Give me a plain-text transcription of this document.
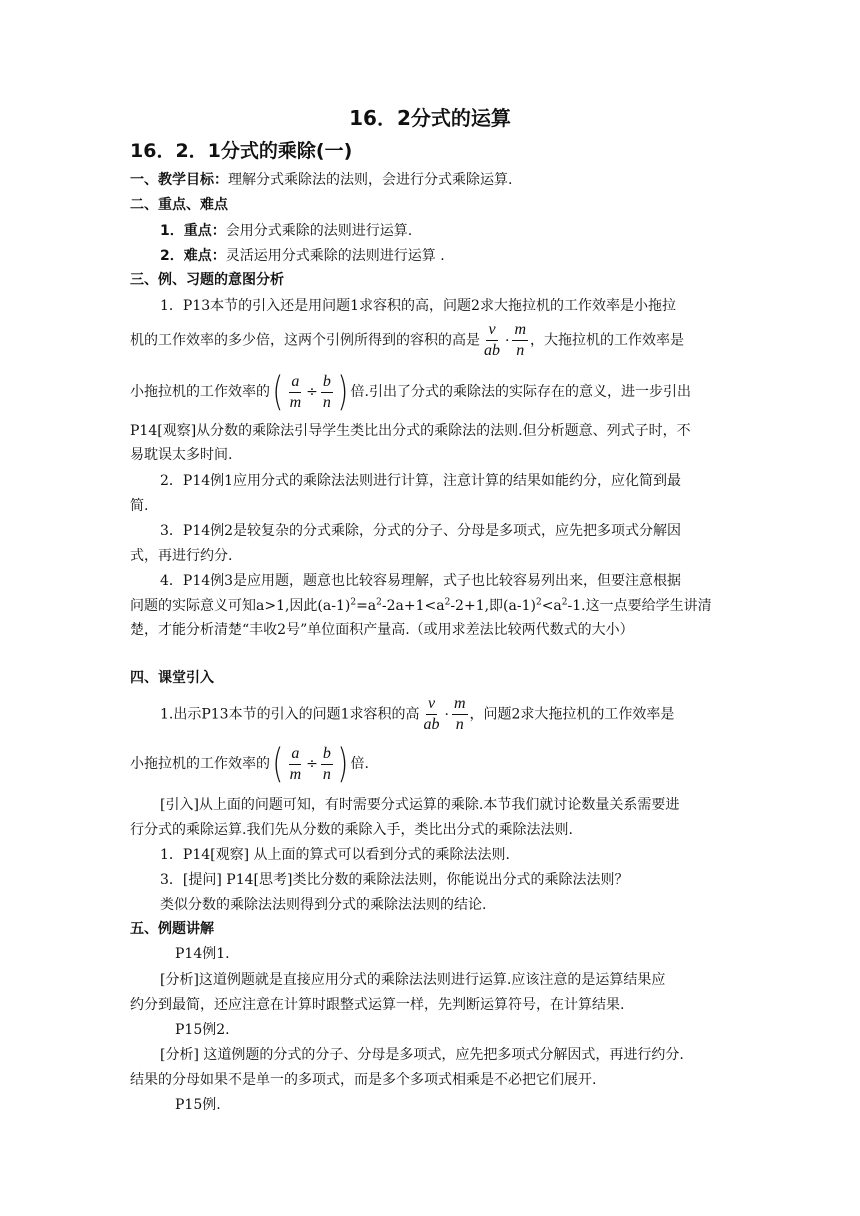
16．2分式的运算
16．2．1分式的乘除(一)
一、教学目标：理解分式乘除法的法则，会进行分式乘除运算.
二、重点、难点
1．重点：会用分式乘除的法则进行运算.
2．难点：灵活运用分式乘除的法则进行运算 .
三、例、习题的意图分析
1．P13本节的引入还是用问题1求容积的高，问题2求大拖拉机的工作效率是小拖拉
机的工作效率的多少倍，这两个引例所得到的容积的高是 $\frac{v}{ab} \cdot \frac{m}{n}$ ，大拖拉机的工作效率是
小拖拉机的工作效率的 ( $\frac{a}{m} \div \frac{b}{n}$ ) 倍.引出了分式的乘除法的实际存在的意义，进一步引出
P14[观察]从分数的乘除法引导学生类比出分式的乘除法的法则.但分析题意、列式子时，不
易耽误太多时间.
2．P14例1应用分式的乘除法法则进行计算，注意计算的结果如能约分，应化简到最
简.
3．P14例2是较复杂的分式乘除，分式的分子、分母是多项式，应先把多项式分解因
式，再进行约分.
4．P14例3是应用题，题意也比较容易理解，式子也比较容易列出来，但要注意根据
问题的实际意义可知a>1,因此$(a-1)^2=a^2-2a+1<a^2-2+1$,即$(a-1)^2<a^2-1$.这一点要给学生讲清
楚，才能分析清楚“丰收2号”单位面积产量高.（或用求差法比较两代数式的大小）
四、课堂引入
1.出示P13本节的引入的问题1求容积的高 $\frac{v}{ab} \cdot \frac{m}{n}$ ，问题2求大拖拉机的工作效率是
小拖拉机的工作效率的 ( $\frac{a}{m} \div \frac{b}{n}$ ) 倍.
[引入]从上面的问题可知，有时需要分式运算的乘除.本节我们就讨论数量关系需要进
行分式的乘除运算.我们先从分数的乘除入手，类比出分式的乘除法法则.
1．P14[观察] 从上面的算式可以看到分式的乘除法法则.
3．[提问] P14[思考]类比分数的乘除法法则，你能说出分式的乘除法法则？
类似分数的乘除法法则得到分式的乘除法法则的结论.
五、例题讲解
P14例1.
[分析]这道例题就是直接应用分式的乘除法法则进行运算.应该注意的是运算结果应
约分到最简，还应注意在计算时跟整式运算一样，先判断运算符号，在计算结果.
P15例2.
[分析] 这道例题的分式的分子、分母是多项式，应先把多项式分解因式，再进行约分.
结果的分母如果不是单一的多项式，而是多个多项式相乘是不必把它们展开.
P15例.
